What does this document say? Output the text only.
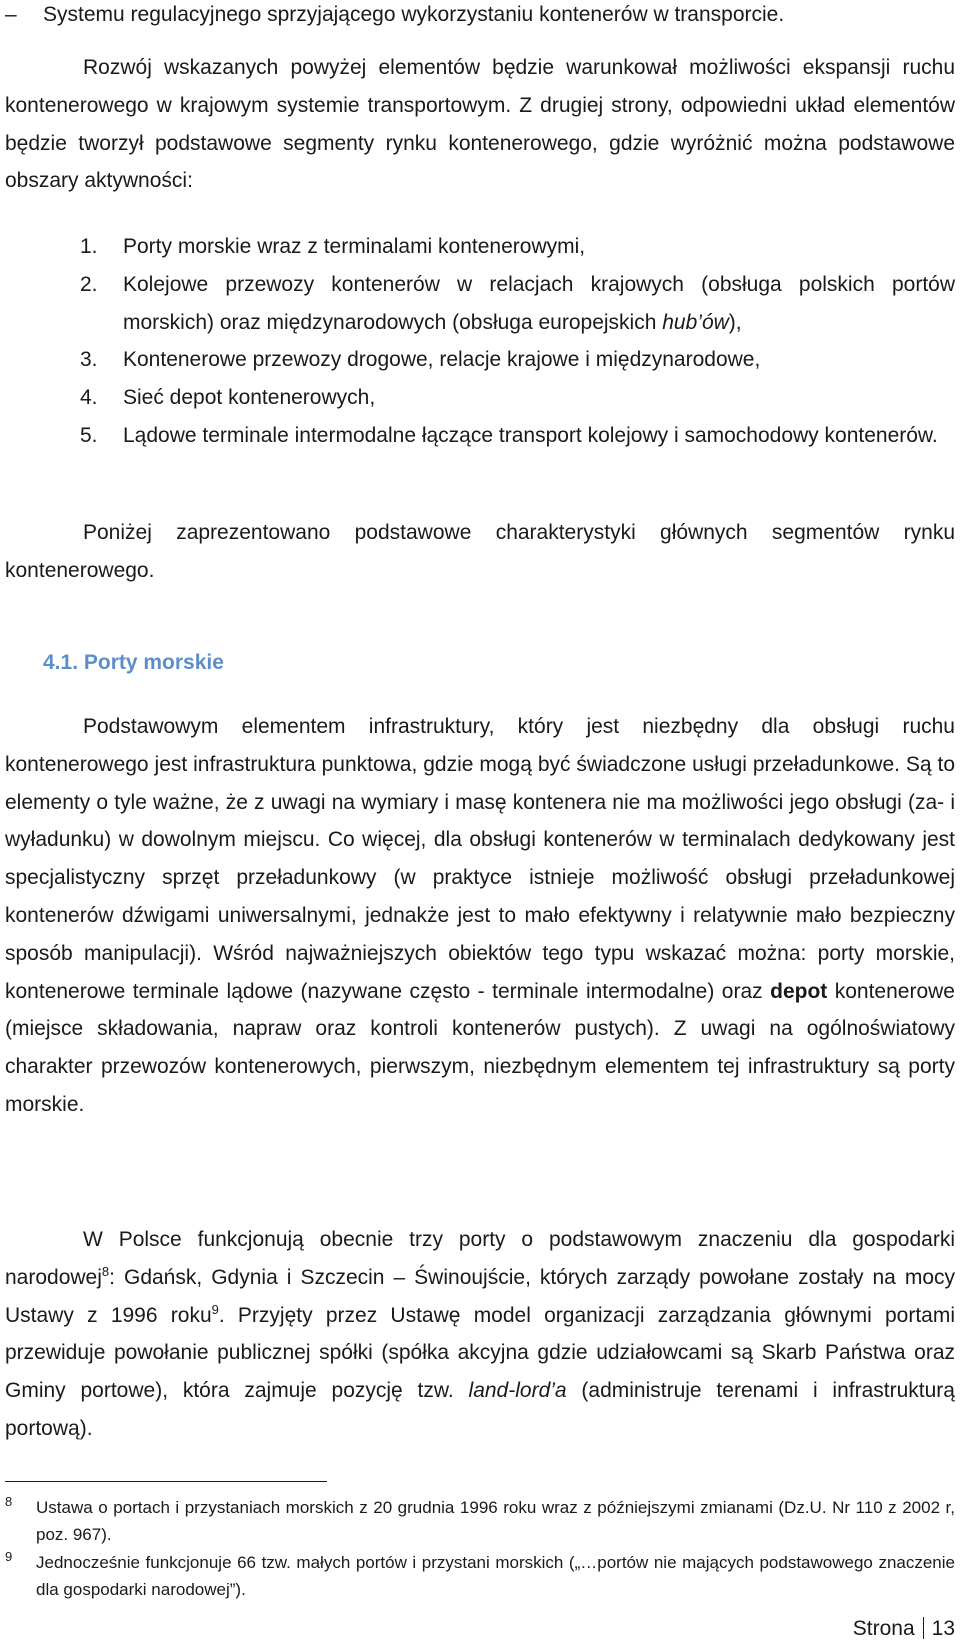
– Systemu regulacyjnego sprzyjającego wykorzystaniu kontenerów w transporcie.

Rozwój wskazanych powyżej elementów będzie warunkował możliwości ekspansji ruchu kontenerowego w krajowym systemie transportowym. Z drugiej strony, odpowiedni układ elementów będzie tworzył podstawowe segmenty rynku kontenerowego, gdzie wyróżnić można podstawowe obszary aktywności:

1. Porty morskie wraz z terminalami kontenerowymi,
2. Kolejowe przewozy kontenerów w relacjach krajowych (obsługa polskich portów morskich) oraz międzynarodowych (obsługa europejskich hub’ów),
3. Kontenerowe przewozy drogowe, relacje krajowe i międzynarodowe,
4. Sieć depot kontenerowych,
5. Lądowe terminale intermodalne łączące transport kolejowy i samochodowy kontenerów.

Poniżej zaprezentowano podstawowe charakterystyki głównych segmentów rynku kontenerowego.

4.1. Porty morskie

Podstawowym elementem infrastruktury, który jest niezbędny dla obsługi ruchu kontenerowego jest infrastruktura punktowa, gdzie mogą być świadczone usługi przeładunkowe. Są to elementy o tyle ważne, że z uwagi na wymiary i masę kontenera nie ma możliwości jego obsługi (za- i wyładunku) w dowolnym miejscu. Co więcej, dla obsługi kontenerów w terminalach dedykowany jest specjalistyczny sprzęt przeładunkowy (w praktyce istnieje możliwość obsługi przeładunkowej kontenerów dźwigami uniwersalnymi, jednakże jest to mało efektywny i relatywnie mało bezpieczny sposób manipulacji). Wśród najważniejszych obiektów tego typu wskazać można: porty morskie, kontenerowe terminale lądowe (nazywane często - terminale intermodalne) oraz depot kontenerowe (miejsce składowania, napraw oraz kontroli kontenerów pustych). Z uwagi na ogólnoświatowy charakter przewozów kontenerowych, pierwszym, niezbędnym elementem tej infrastruktury są porty morskie.

W Polsce funkcjonują obecnie trzy porty o podstawowym znaczeniu dla gospodarki narodowej$^8$: Gdańsk, Gdynia i Szczecin – Świnoujście, których zarządy powołane zostały na mocy Ustawy z 1996 roku$^9$. Przyjęty przez Ustawę model organizacji zarządzania głównymi portami przewiduje powołanie publicznej spółki (spółka akcyjna gdzie udziałowcami są Skarb Państwa oraz Gminy portowe), która zajmuje pozycję tzw. land-lord’a (administruje terenami i infrastrukturą portową).

8 Ustawa o portach i przystaniach morskich z 20 grudnia 1996 roku wraz z późniejszymi zmianami (Dz.U. Nr 110 z 2002 r, poz. 967).
9 Jednocześnie funkcjonuje 66 tzw. małych portów i przystani morskich („…portów nie mających podstawowego znaczenie dla gospodarki narodowej”).
Strona 13
